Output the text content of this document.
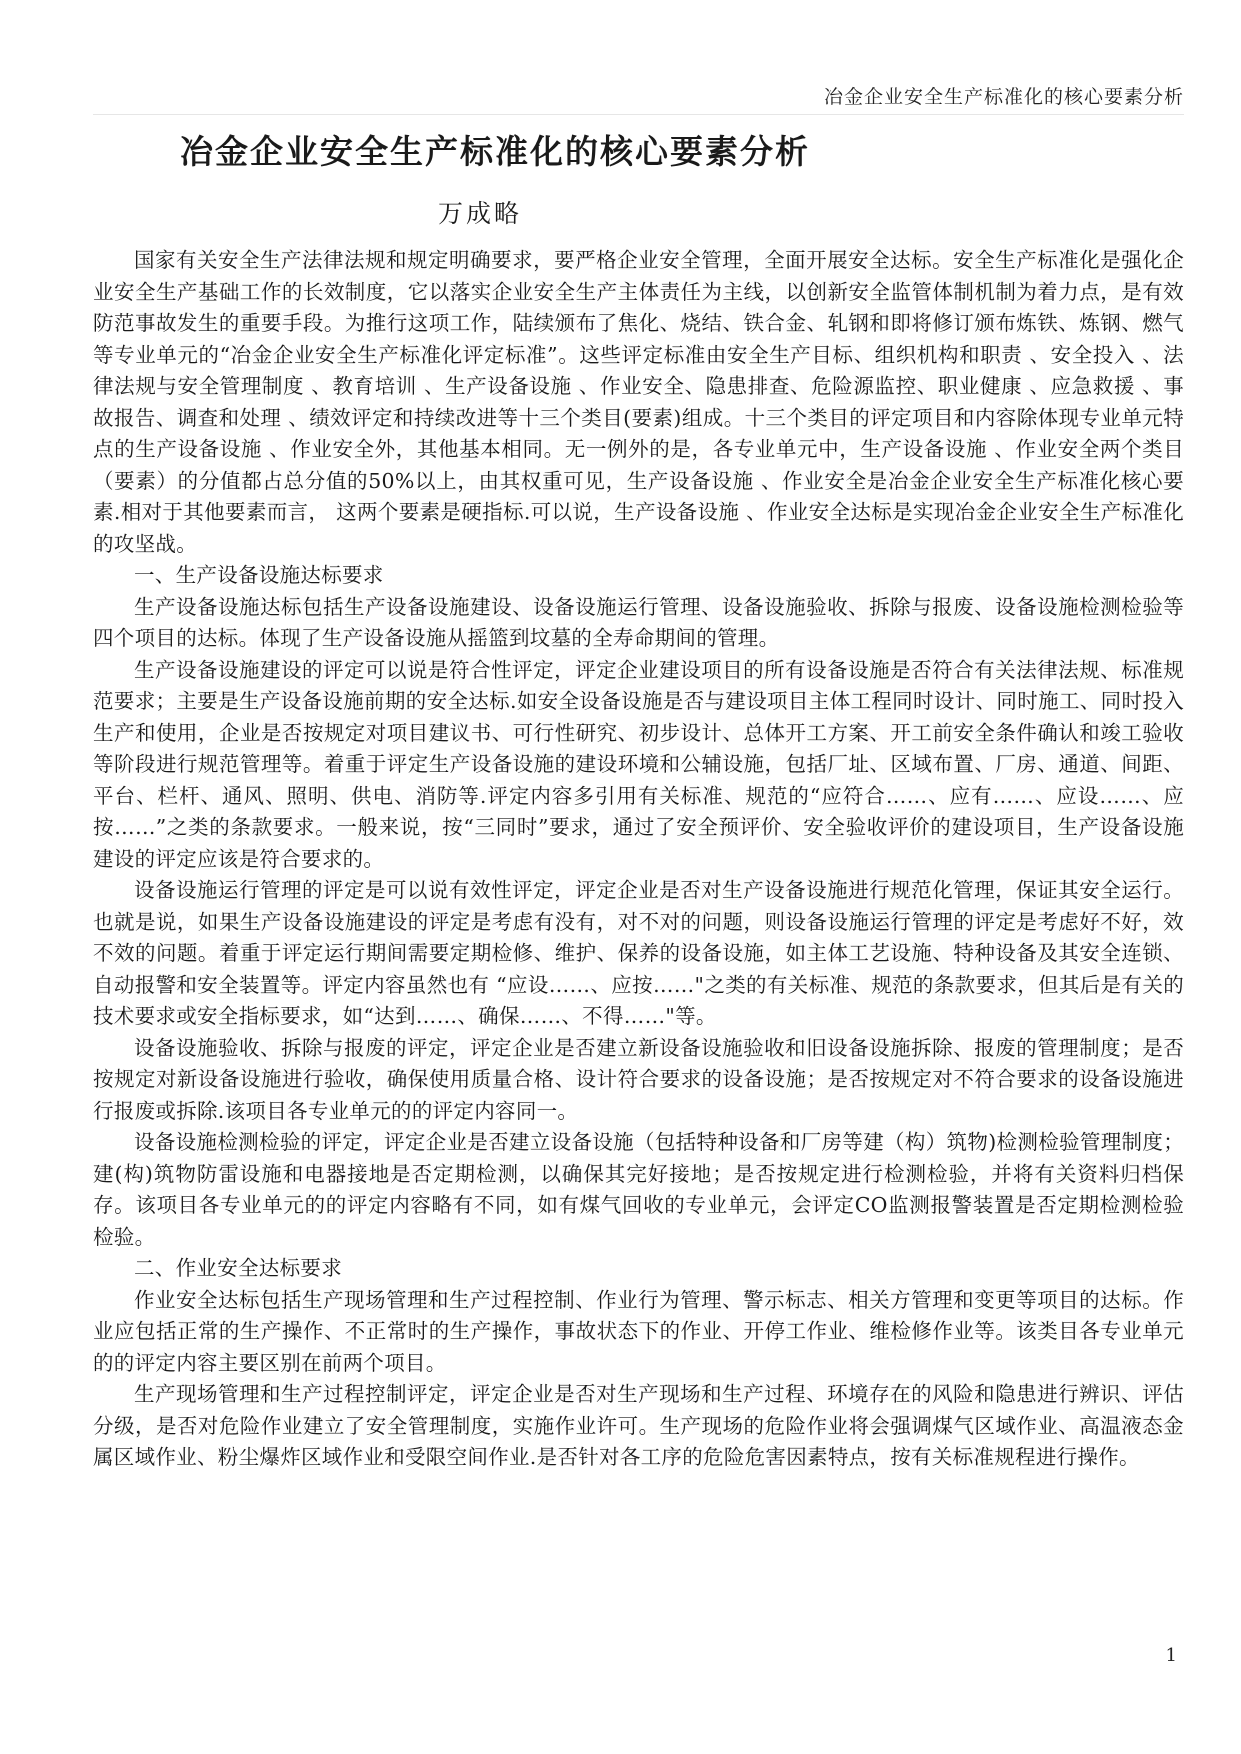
冶金企业安全生产标准化的核心要素分析
冶金企业安全生产标准化的核心要素分析
万成略

国家有关安全生产法律法规和规定明确要求，要严格企业安全管理，全面开展安全达标。安全生产标准化是强化企业安全生产基础工作的长效制度，它以落实企业安全生产主体责任为主线，以创新安全监管体制机制为着力点，是有效防范事故发生的重要手段。为推行这项工作，陆续颁布了焦化、烧结、铁合金、轧钢和即将修订颁布炼铁、炼钢、燃气等专业单元的“冶金企业安全生产标准化评定标准”。这些评定标准由安全生产目标、组织机构和职责 、安全投入 、法律法规与安全管理制度 、教育培训 、生产设备设施 、作业安全、隐患排查、危险源监控、职业健康 、应急救援 、事故报告、调查和处理 、绩效评定和持续改进等十三个类目(要素)组成。十三个类目的评定项目和内容除体现专业单元特点的生产设备设施 、作业安全外，其他基本相同。无一例外的是，各专业单元中，生产设备设施 、作业安全两个类目（要素）的分值都占总分值的50%以上，由其权重可见，生产设备设施 、作业安全是冶金企业安全生产标准化核心要素.相对于其他要素而言， 这两个要素是硬指标.可以说，生产设备设施 、作业安全达标是实现冶金企业安全生产标准化的攻坚战。

一、生产设备设施达标要求

生产设备设施达标包括生产设备设施建设、设备设施运行管理、设备设施验收、拆除与报废、设备设施检测检验等四个项目的达标。体现了生产设备设施从摇篮到坟墓的全寿命期间的管理。

生产设备设施建设的评定可以说是符合性评定，评定企业建设项目的所有设备设施是否符合有关法律法规、标准规范要求；主要是生产设备设施前期的安全达标.如安全设备设施是否与建设项目主体工程同时设计、同时施工、同时投入生产和使用，企业是否按规定对项目建议书、可行性研究、初步设计、总体开工方案、开工前安全条件确认和竣工验收等阶段进行规范管理等。着重于评定生产设备设施的建设环境和公辅设施，包括厂址、区域布置、厂房、通道、间距、平台、栏杆、通风、照明、供电、消防等.评定内容多引用有关标准、规范的“应符合……、应有……、应设……、应按……”之类的条款要求。一般来说，按“三同时”要求，通过了安全预评价、安全验收评价的建设项目，生产设备设施建设的评定应该是符合要求的。

设备设施运行管理的评定是可以说有效性评定，评定企业是否对生产设备设施进行规范化管理，保证其安全运行。也就是说，如果生产设备设施建设的评定是考虑有没有，对不对的问题，则设备设施运行管理的评定是考虑好不好，效不效的问题。着重于评定运行期间需要定期检修、维护、保养的设备设施，如主体工艺设施、特种设备及其安全连锁、自动报警和安全装置等。评定内容虽然也有 “应设……、应按……"之类的有关标准、规范的条款要求，但其后是有关的技术要求或安全指标要求，如“达到……、确保……、不得……"等。

设备设施验收、拆除与报废的评定，评定企业是否建立新设备设施验收和旧设备设施拆除、报废的管理制度；是否按规定对新设备设施进行验收，确保使用质量合格、设计符合要求的设备设施；是否按规定对不符合要求的设备设施进行报废或拆除.该项目各专业单元的的评定内容同一。

设备设施检测检验的评定，评定企业是否建立设备设施（包括特种设备和厂房等建（构）筑物)检测检验管理制度；建(构)筑物防雷设施和电器接地是否定期检测，以确保其完好接地；是否按规定进行检测检验，并将有关资料归档保存。该项目各专业单元的的评定内容略有不同，如有煤气回收的专业单元，会评定CO监测报警装置是否定期检测检验检验。

二、作业安全达标要求

作业安全达标包括生产现场管理和生产过程控制、作业行为管理、警示标志、相关方管理和变更等项目的达标。作业应包括正常的生产操作、不正常时的生产操作，事故状态下的作业、开停工作业、维检修作业等。该类目各专业单元的的评定内容主要区别在前两个项目。

生产现场管理和生产过程控制评定，评定企业是否对生产现场和生产过程、环境存在的风险和隐患进行辨识、评估分级，是否对危险作业建立了安全管理制度，实施作业许可。生产现场的危险作业将会强调煤气区域作业、高温液态金属区域作业、粉尘爆炸区域作业和受限空间作业.是否针对各工序的危险危害因素特点，按有关标准规程进行操作。

1
